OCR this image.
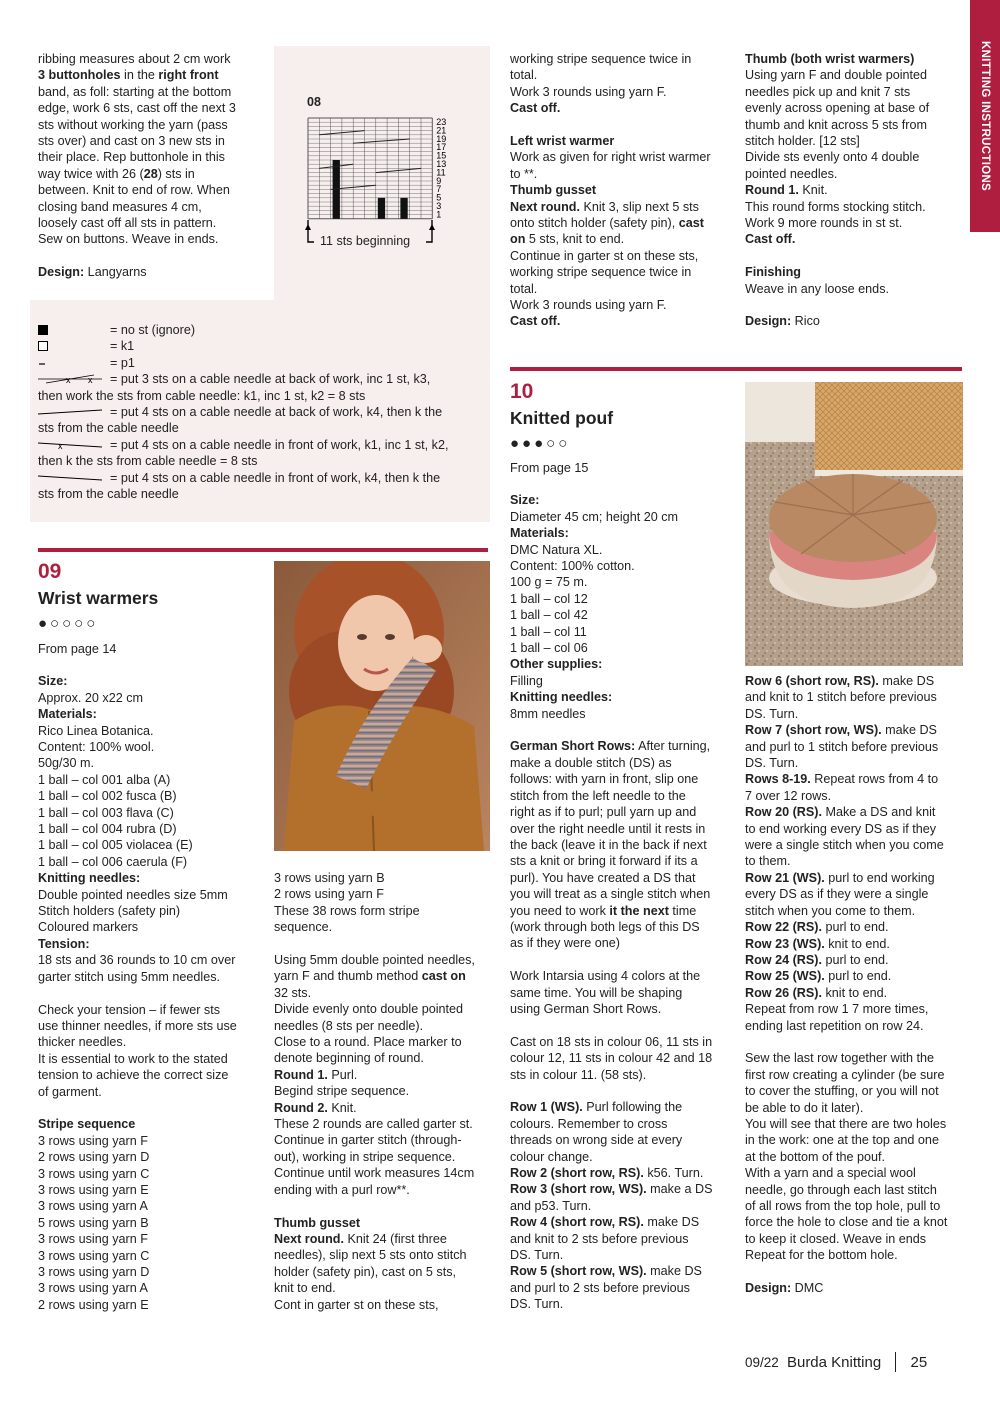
KNITTING INSTRUCTIONS
ribbing measures about 2 cm work
3 buttonholes in the right front
band, as foll: starting at the bottom
edge, work 6 sts, cast off the next 3
sts without working the yarn (pass
sts over) and cast on 3 new sts in
their place. Rep buttonhole in this
way twice with 26 (28) sts in
between. Knit to end of row. When
closing band measures 4 cm,
loosely cast off all sts in pattern.
Sew on buttons. Weave in ends.
Design: Langyarns
08
23
21
19
17
15
13
11
9
7
5
3
1
11 sts beginning
= no st (ignore)
= k1
= p1
x x = put 3 sts on a cable needle at back of work, inc 1 st, k3,
then work the sts from cable needle: k1, inc 1 st, k2 = 8 sts
= put 4 sts on a cable needle at back of work, k4, then k the
sts from the cable needle
x	= put 4 sts on a cable needle in front of work, k1, inc 1 st, k2,
then k the sts from cable needle = 8 sts
= put 4 sts on a cable needle in front of work, k4, then k the
sts from the cable needle
09
Wrist warmers
●○○○○
From page 14
Size:
Approx. 20 x22 cm
Materials:
Rico Linea Botanica.
Content: 100% wool.
50g/30 m.
1 ball – col 001 alba (A)
1 ball – col 002 fusca (B)
1 ball – col 003 flava (C)
1 ball – col 004 rubra (D)
1 ball – col 005 violacea (E)
1 ball – col 006 caerula (F)
Knitting needles:
Double pointed needles size 5mm
Stitch holders (safety pin)
Coloured markers
Tension:
18 sts and 36 rounds to 10 cm over
garter stitch using 5mm needles.
Check your tension – if fewer sts
use thinner needles, if more sts use
thicker needles.
It is essential to work to the stated
tension to achieve the correct size
of garment.
Stripe sequence
3 rows using yarn F
2 rows using yarn D
3 rows using yarn C
3 rows using yarn E
3 rows using yarn A
5 rows using yarn B
3 rows using yarn F
3 rows using yarn C
3 rows using yarn D
3 rows using yarn A
2 rows using yarn E
3 rows using yarn B
2 rows using yarn F
These 38 rows form stripe
sequence.
Using 5mm double pointed needles,
yarn F and thumb method cast on
32 sts.
Divide evenly onto double pointed
needles (8 sts per needle).
Close to a round. Place marker to
denote beginning of round.
Round 1. Purl.
Begind stripe sequence.
Round 2. Knit.
These 2 rounds are called garter st.
Continue in garter stitch (through-
out), working in stripe sequence.
Continue until work measures 14cm
ending with a purl row**.
Thumb gusset
Next round. Knit 24 (first three
needles), slip next 5 sts onto stitch
holder (safety pin), cast on 5 sts,
knit to end.
Cont in garter st on these sts,
working stripe sequence twice in
total.
Work 3 rounds using yarn F.
Cast off.
Left wrist warmer
Work as given for right wrist warmer
to **.
Thumb gusset
Next round. Knit 3, slip next 5 sts
onto stitch holder (safety pin), cast
on 5 sts, knit to end.
Continue in garter st on these sts,
working stripe sequence twice in
total.
Work 3 rounds using yarn F.
Cast off.
Thumb (both wrist warmers)
Using yarn F and double pointed
needles pick up and knit 7 sts
evenly across opening at base of
thumb and knit across 5 sts from
stitch holder. [12 sts]
Divide sts evenly onto 4 double
pointed needles.
Round 1. Knit.
This round forms stocking stitch.
Work 9 more rounds in st st.
Cast off.
Finishing
Weave in any loose ends.
Design: Rico
10
Knitted pouf
●●●○○
From page 15
Size:
Diameter 45 cm; height 20 cm
Materials:
DMC Natura XL.
Content: 100% cotton.
100 g = 75 m.
1 ball – col 12
1 ball – col 42
1 ball – col 11
1 ball – col 06
Other supplies:
Filling
Knitting needles:
8mm needles
German Short Rows: After turning,
make a double stitch (DS) as
follows: with yarn in front, slip one
stitch from the left needle to the
right as if to purl; pull yarn up and
over the right needle until it rests in
the back (leave it in the back if next
sts a knit or bring it forward if its a
purl). You have created a DS that
you will treat as a single stitch when
you need to work it the next time
(work through both legs of this DS
as if they were one)
Work Intarsia using 4 colors at the
same time. You will be shaping
using German Short Rows.
Cast on 18 sts in colour 06, 11 sts in
colour 12, 11 sts in colour 42 and 18
sts in colour 11. (58 sts).
Row 1 (WS). Purl following the
colours. Remember to cross
threads on wrong side at every
colour change.
Row 2 (short row, RS). k56. Turn.
Row 3 (short row, WS). make a DS
and p53. Turn.
Row 4 (short row, RS). make DS
and knit to 2 sts before previous
DS. Turn.
Row 5 (short row, WS). make DS
and purl to 2 sts before previous
DS. Turn.
Row 6 (short row, RS). make DS
and knit to 1 stitch before previous
DS. Turn.
Row 7 (short row, WS). make DS
and purl to 1 stitch before previous
DS. Turn.
Rows 8-19. Repeat rows from 4 to
7 over 12 rows.
Row 20 (RS). Make a DS and knit
to end working every DS as if they
were a single stitch when you come
to them.
Row 21 (WS). purl to end working
every DS as if they were a single
stitch when you come to them.
Row 22 (RS). purl to end.
Row 23 (WS). knit to end.
Row 24 (RS). purl to end.
Row 25 (WS). purl to end.
Row 26 (RS). knit to end.
Repeat from row 1 7 more times,
ending last repetition on row 24.
Sew the last row together with the
first row creating a cylinder (be sure
to cover the stuffing, or you will not
be able to do it later).
You will see that there are two holes
in the work: one at the top and one
at the bottom of the pouf.
With a yarn and a special wool
needle, go through each last stitch
of all rows from the top hole, pull to
force the hole to close and tie a knot
to keep it closed. Weave in ends
Repeat for the bottom hole.
Design: DMC
09/22 Burda Knitting 25
